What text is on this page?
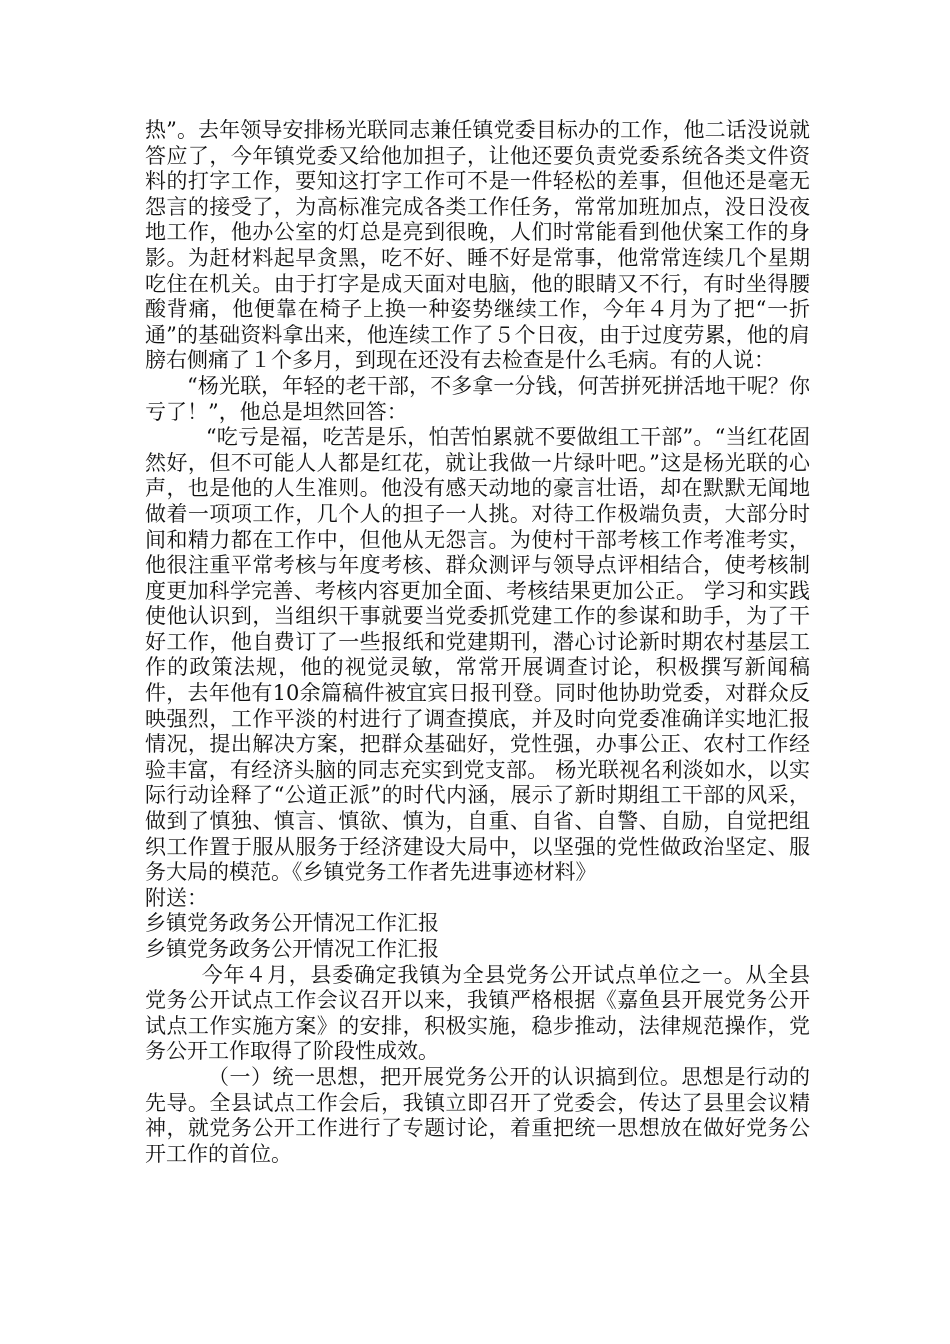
热”。去年领导安排杨光联同志兼任镇党委目标办的工作，他二话没说就答应了，今年镇党委又给他加担子，让他还要负责党委系统各类文件资料的打字工作，要知这打字工作可不是一件轻松的差事，但他还是毫无怨言的接受了，为高标准完成各类工作任务，常常加班加点，没日没夜地工作，他办公室的灯总是亮到很晚，人们时常能看到他伏案工作的身影。为赶材料起早贪黑，吃不好、睡不好是常事，他常常连续几个星期吃住在机关。由于打字是成天面对电脑，他的眼睛又不行，有时坐得腰酸背痛，他便靠在椅子上换一种姿势继续工作，今年４月为了把“一折通”的基础资料拿出来，他连续工作了５个日夜，由于过度劳累，他的肩膀右侧痛了１个多月，到现在还没有去检查是什么毛病。有的人说：

“杨光联，年轻的老干部，不多拿一分钱，何苦拼死拼活地干呢？你亏了！”，他总是坦然回答：

“吃亏是福，吃苦是乐，怕苦怕累就不要做组工干部”。“当红花固然好，但不可能人人都是红花，就让我做一片绿叶吧。”这是杨光联的心声，也是他的人生准则。他没有感天动地的豪言壮语，却在默默无闻地做着一项项工作，几个人的担子一人挑。对待工作极端负责，大部分时间和精力都在工作中，但他从无怨言。为使村干部考核工作考准考实，他很注重平常考核与年度考核、群众测评与领导点评相结合，使考核制度更加科学完善、考核内容更加全面、考核结果更加公正。 学习和实践使他认识到，当组织干事就要当党委抓党建工作的参谋和助手，为了干好工作，他自费订了一些报纸和党建期刊，潜心讨论新时期农村基层工作的政策法规，他的视觉灵敏，常常开展调查讨论，积极撰写新闻稿件，去年他有10余篇稿件被宜宾日报刊登。同时他协助党委，对群众反映强烈，工作平淡的村进行了调查摸底，并及时向党委准确详实地汇报情况，提出解决方案，把群众基础好，党性强，办事公正、农村工作经验丰富，有经济头脑的同志充实到党支部。 杨光联视名利淡如水，以实际行动诠释了“公道正派”的时代内涵，展示了新时期组工干部的风采，做到了慎独、慎言、慎欲、慎为，自重、自省、自警、自励，自觉把组织工作置于服从服务于经济建设大局中，以坚强的党性做政治坚定、服务大局的模范。《乡镇党务工作者先进事迹材料》

附送：

乡镇党务政务公开情况工作汇报

乡镇党务政务公开情况工作汇报

今年４月，县委确定我镇为全县党务公开试点单位之一。从全县党务公开试点工作会议召开以来，我镇严格根据《嘉鱼县开展党务公开试点工作实施方案》的安排，积极实施，稳步推动，法律规范操作，党务公开工作取得了阶段性成效。

（一）统一思想，把开展党务公开的认识搞到位。思想是行动的先导。全县试点工作会后，我镇立即召开了党委会，传达了县里会议精神，就党务公开工作进行了专题讨论，着重把统一思想放在做好党务公开工作的首位。
